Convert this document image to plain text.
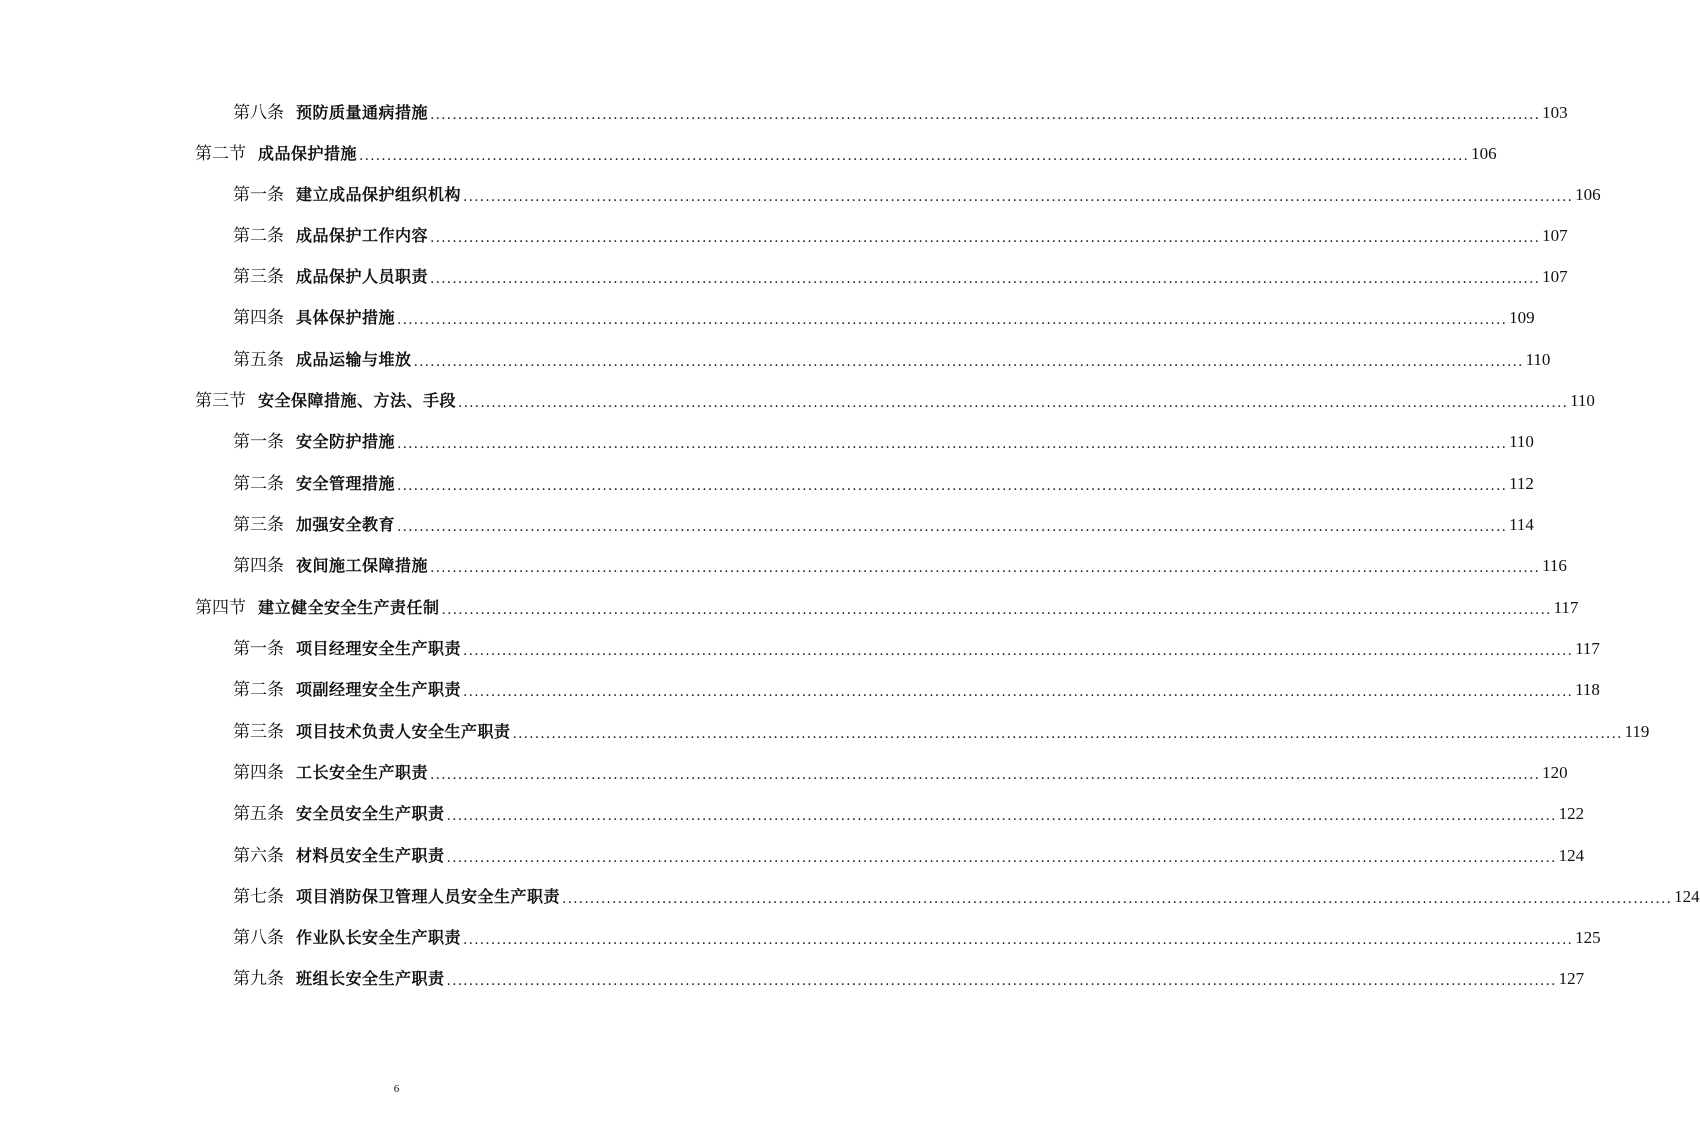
第八条 预防质量通病措施 ........................................................................................................................................................................................................ 103
第二节 成品保护措施 ........................................................................................................................................................................................................ 106
第一条 建立成品保护组织机构 ........................................................................................................................................................................................................ 106
第二条 成品保护工作内容 ........................................................................................................................................................................................................ 107
第三条 成品保护人员职责 ........................................................................................................................................................................................................ 107
第四条 具体保护措施 ........................................................................................................................................................................................................ 109
第五条 成品运输与堆放 ........................................................................................................................................................................................................ 110
第三节 安全保障措施、方法、手段 ........................................................................................................................................................................................................ 110
第一条 安全防护措施 ........................................................................................................................................................................................................ 110
第二条 安全管理措施 ........................................................................................................................................................................................................ 112
第三条 加强安全教育 ........................................................................................................................................................................................................ 114
第四条 夜间施工保障措施 ........................................................................................................................................................................................................ 116
第四节 建立健全安全生产责任制 ........................................................................................................................................................................................................ 117
第一条 项目经理安全生产职责 ........................................................................................................................................................................................................ 117
第二条 项副经理安全生产职责 ........................................................................................................................................................................................................ 118
第三条 项目技术负责人安全生产职责 ........................................................................................................................................................................................................ 119
第四条 工长安全生产职责 ........................................................................................................................................................................................................ 120
第五条 安全员安全生产职责 ........................................................................................................................................................................................................ 122
第六条 材料员安全生产职责 ........................................................................................................................................................................................................ 124
第七条 项目消防保卫管理人员安全生产职责 ........................................................................................................................................................................................................ 124
第八条 作业队长安全生产职责 ........................................................................................................................................................................................................ 125
第九条 班组长安全生产职责 ........................................................................................................................................................................................................ 127
6
